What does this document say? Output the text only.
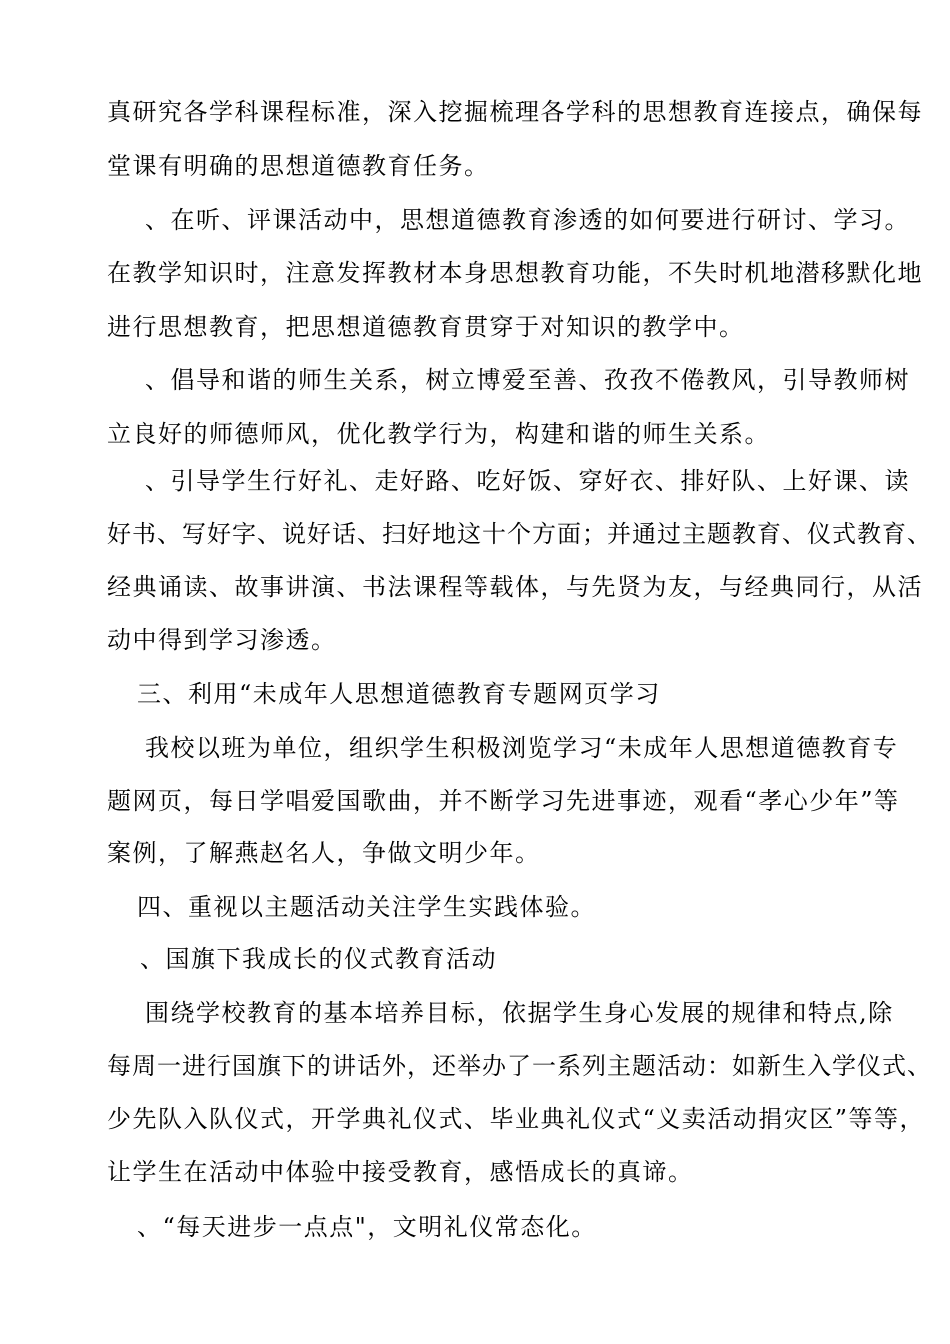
真研究各学科课程标准，深入挖掘梳理各学科的思想教育连接点，确保每
堂课有明确的思想道德教育任务。
、在听、评课活动中，思想道德教育渗透的如何要进行研讨、学习。
在教学知识时，注意发挥教材本身思想教育功能，不失时机地潜移默化地
进行思想教育，把思想道德教育贯穿于对知识的教学中。
、倡导和谐的师生关系，树立博爱至善、孜孜不倦教风，引导教师树
立良好的师德师风，优化教学行为，构建和谐的师生关系。
、引导学生行好礼、走好路、吃好饭、穿好衣、排好队、上好课、读
好书、写好字、说好话、扫好地这十个方面；并通过主题教育、仪式教育、
经典诵读、故事讲演、书法课程等载体，与先贤为友，与经典同行，从活
动中得到学习渗透。
三、利用“未成年人思想道德教育专题网页学习
我校以班为单位，组织学生积极浏览学习“未成年人思想道德教育专
题网页，每日学唱爱国歌曲，并不断学习先进事迹，观看“孝心少年”等
案例，了解燕赵名人，争做文明少年。
四、重视以主题活动关注学生实践体验。
、国旗下我成长的仪式教育活动
围绕学校教育的基本培养目标，依据学生身心发展的规律和特点,除
每周一进行国旗下的讲话外，还举办了一系列主题活动：如新生入学仪式、
少先队入队仪式，开学典礼仪式、毕业典礼仪式“义卖活动捐灾区”等等，
让学生在活动中体验中接受教育，感悟成长的真谛。
、“每天进步一点点"，文明礼仪常态化。
